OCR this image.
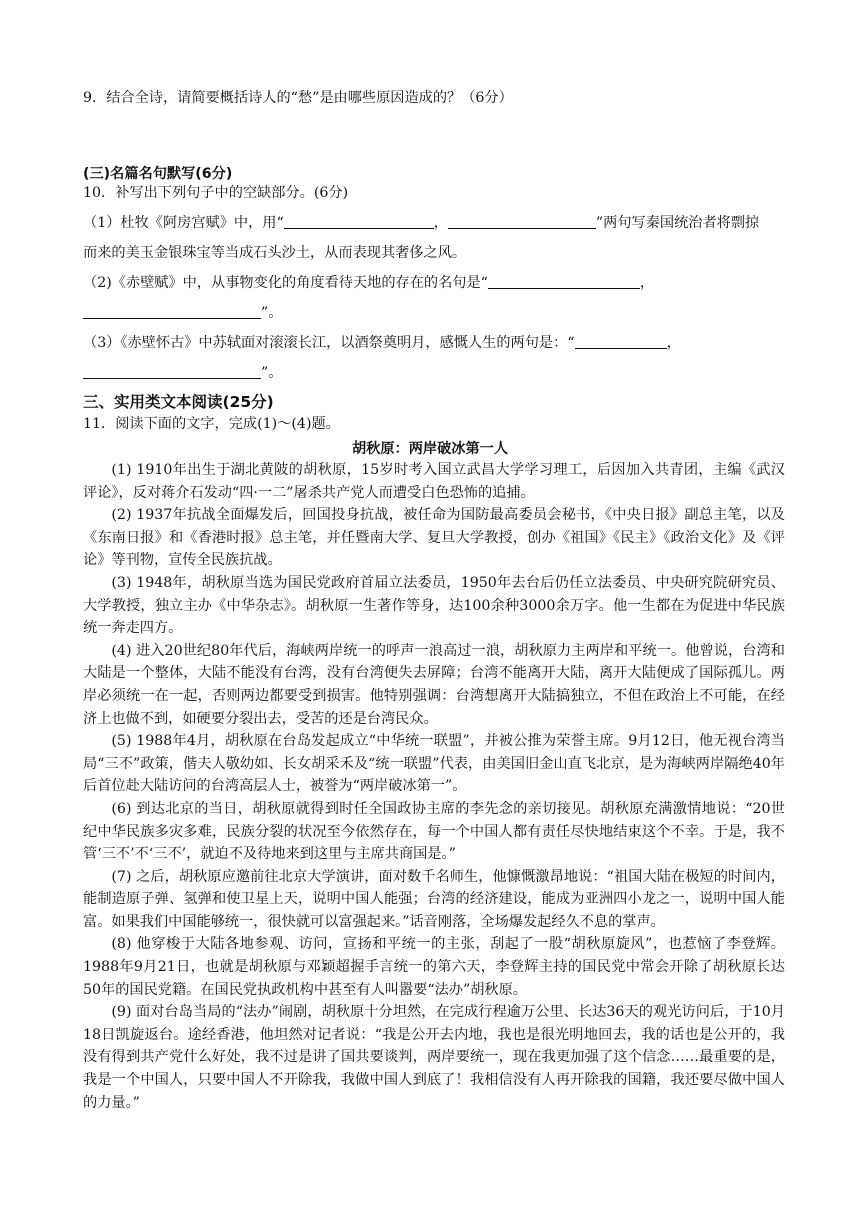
9．结合全诗，请简要概括诗人的“愁”是由哪些原因造成的？（6分）
(三)名篇名句默写(6分)
10．补写出下列句子中的空缺部分。(6分)
（1）杜牧《阿房宫赋》中，用“	，	”两句写秦国统治者将剽掠
而来的美玉金银珠宝等当成石头沙土，从而表现其奢侈之风。
（2)《赤壁赋》中，从事物变化的角度看待天地的存在的名句是“	，
”。
（3）《赤壁怀古》中苏轼面对滚滚长江，以酒祭奠明月，感慨人生的两句是：“	，
”。
三、实用类文本阅读(25分)
11．阅读下面的文字，完成(1)～(4)题。
胡秋原：两岸破冰第一人

(1) 1910年出生于湖北黄陂的胡秋原，15岁时考入国立武昌大学学习理工，后因加入共青团，主编《武汉评论》，反对蒋介石发动“四·一二”屠杀共产党人而遭受白色恐怖的追捕。

(2) 1937年抗战全面爆发后，回国投身抗战，被任命为国防最高委员会秘书，《中央日报》副总主笔，以及《东南日报》和《香港时报》总主笔，并任暨南大学、复旦大学教授，创办《祖国》《民主》《政治文化》及《评论》等刊物，宣传全民族抗战。

(3) 1948年，胡秋原当选为国民党政府首届立法委员，1950年去台后仍任立法委员、中央研究院研究员、大学教授，独立主办《中华杂志》。胡秋原一生著作等身，达100余种3000余万字。他一生都在为促进中华民族统一奔走四方。

(4) 进入20世纪80年代后，海峡两岸统一的呼声一浪高过一浪，胡秋原力主两岸和平统一。他曾说，台湾和大陆是一个整体，大陆不能没有台湾，没有台湾便失去屏障；台湾不能离开大陆，离开大陆便成了国际孤儿。两岸必须统一在一起，否则两边都要受到损害。他特别强调：台湾想离开大陆搞独立，不但在政治上不可能，在经济上也做不到，如硬要分裂出去，受苦的还是台湾民众。

(5) 1988年4月，胡秋原在台岛发起成立“中华统一联盟”，并被公推为荣誉主席。9月12日，他无视台湾当局“三不”政策，偕夫人敬幼如、长女胡采禾及“统一联盟”代表，由美国旧金山直飞北京，是为海峡两岸隔绝40年后首位赴大陆访问的台湾高层人士，被誉为“两岸破冰第一”。

(6) 到达北京的当日，胡秋原就得到时任全国政协主席的李先念的亲切接见。胡秋原充满激情地说：“20世纪中华民族多灾多难，民族分裂的状况至今依然存在，每一个中国人都有责任尽快地结束这个不幸。于是，我不管‘三不’不‘三不’，就迫不及待地来到这里与主席共商国是。”

(7) 之后，胡秋原应邀前往北京大学演讲，面对数千名师生，他慷慨激昂地说：“祖国大陆在极短的时间内，能制造原子弹、氢弹和使卫星上天，说明中国人能强；台湾的经济建设，能成为亚洲四小龙之一，说明中国人能富。如果我们中国能够统一，很快就可以富强起来。”话音刚落，全场爆发起经久不息的掌声。

(8) 他穿梭于大陆各地参观、访问，宣扬和平统一的主张，刮起了一股“胡秋原旋风”，也惹恼了李登辉。1988年9月21日，也就是胡秋原与邓颖超握手言统一的第六天，李登辉主持的国民党中常会开除了胡秋原长达50年的国民党籍。在国民党执政机构中甚至有人叫嚣要“法办”胡秋原。

(9) 面对台岛当局的“法办”闹剧，胡秋原十分坦然，在完成行程逾万公里、长达36天的观光访问后，于10月18日凯旋返台。途经香港，他坦然对记者说：“我是公开去内地，我也是很光明地回去，我的话也是公开的，我没有得到共产党什么好处，我不过是讲了国共要谈判，两岸要统一，现在我更加强了这个信念……最重要的是，我是一个中国人，只要中国人不开除我，我做中国人到底了！我相信没有人再开除我的国籍，我还要尽做中国人的力量。”
